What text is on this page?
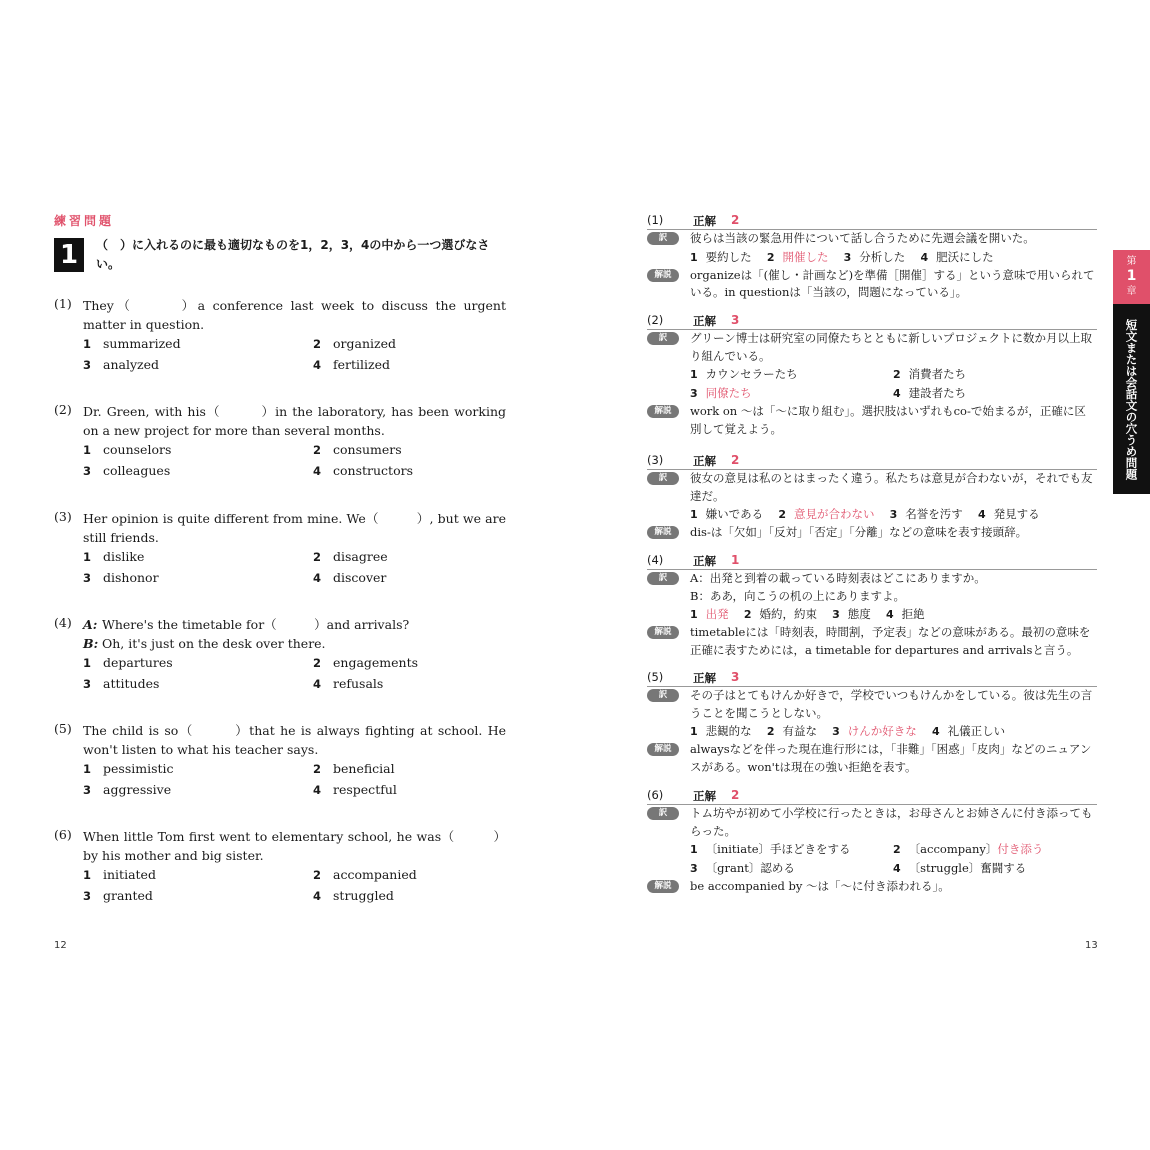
練習問題
1	（　）に入れるのに最も適切なものを1，2，3，4の中から一つ選びなさい。
(1) They（　　　）a conference last week to discuss the urgent matter in question.
1 summarized	2 organized
3 analyzed	4 fertilized
(2) Dr. Green, with his（　　　）in the laboratory, has been working on a new project for more than several months.
1 counselors	2 consumers
3 colleagues	4 constructors
(3) Her opinion is quite different from mine. We（　　　）, but we are still friends.
1 dislike	2 disagree
3 dishonor	4 discover
(4) A: Where's the timetable for（　　　）and arrivals?
B: Oh, it's just on the desk over there.
1 departures	2 engagements
3 attitudes	4 refusals
(5) The child is so（　　　）that he is always fighting at school. He won't listen to what his teacher says.
1 pessimistic	2 beneficial
3 aggressive	4 respectful
(6) When little Tom first went to elementary school, he was（　　　）by his mother and big sister.
1 initiated	2 accompanied
3 granted	4 struggled
12
(1)	正解 2
訳	彼らは当該の緊急用件について話し合うために先週会議を開いた。
1 要約した  2 開催した  3 分析した  4 肥沃にした
解説	organizeは「(催し・計画など)を準備［開催］する」という意味で用いられている。in questionは「当該の，問題になっている」。
(2)	正解 3
訳	グリーン博士は研究室の同僚たちとともに新しいプロジェクトに数か月以上取り組んでいる。
1 カウンセラーたち	2 消費者たち
3 同僚たち	4 建設者たち
解説	work on ～は「～に取り組む」。選択肢はいずれもco-で始まるが，正確に区別して覚えよう。
(3)	正解 2
訳	彼女の意見は私のとはまったく違う。私たちは意見が合わないが，それでも友達だ。
1 嫌いである  2 意見が合わない  3 名誉を汚す  4 発見する
解説	dis-は「欠如」「反対」「否定」「分離」などの意味を表す接頭辞。
(4)	正解 1
訳	A：出発と到着の載っている時刻表はどこにありますか。
B：ああ，向こうの机の上にありますよ。
1 出発  2 婚約，約束  3 態度  4 拒絶
解説	timetableには「時刻表，時間割，予定表」などの意味がある。最初の意味を正確に表すためには，a timetable for departures and arrivalsと言う。
(5)	正解 3
訳	その子はとてもけんか好きで，学校でいつもけんかをしている。彼は先生の言うことを聞こうとしない。
1 悲観的な  2 有益な  3 けんか好きな  4 礼儀正しい
解説	alwaysなどを伴った現在進行形には，「非難」「困惑」「皮肉」などのニュアンスがある。won'tは現在の強い拒絶を表す。
(6)	正解 2
訳	トム坊やが初めて小学校に行ったときは，お母さんとお姉さんに付き添ってもらった。
1 〔initiate〕手ほどきをする	2 〔accompany〕付き添う
3 〔grant〕認める	4 〔struggle〕奮闘する
解説	be accompanied by ～は「～に付き添われる」。
第
1
章
短文または会話文の穴うめ問題
13
